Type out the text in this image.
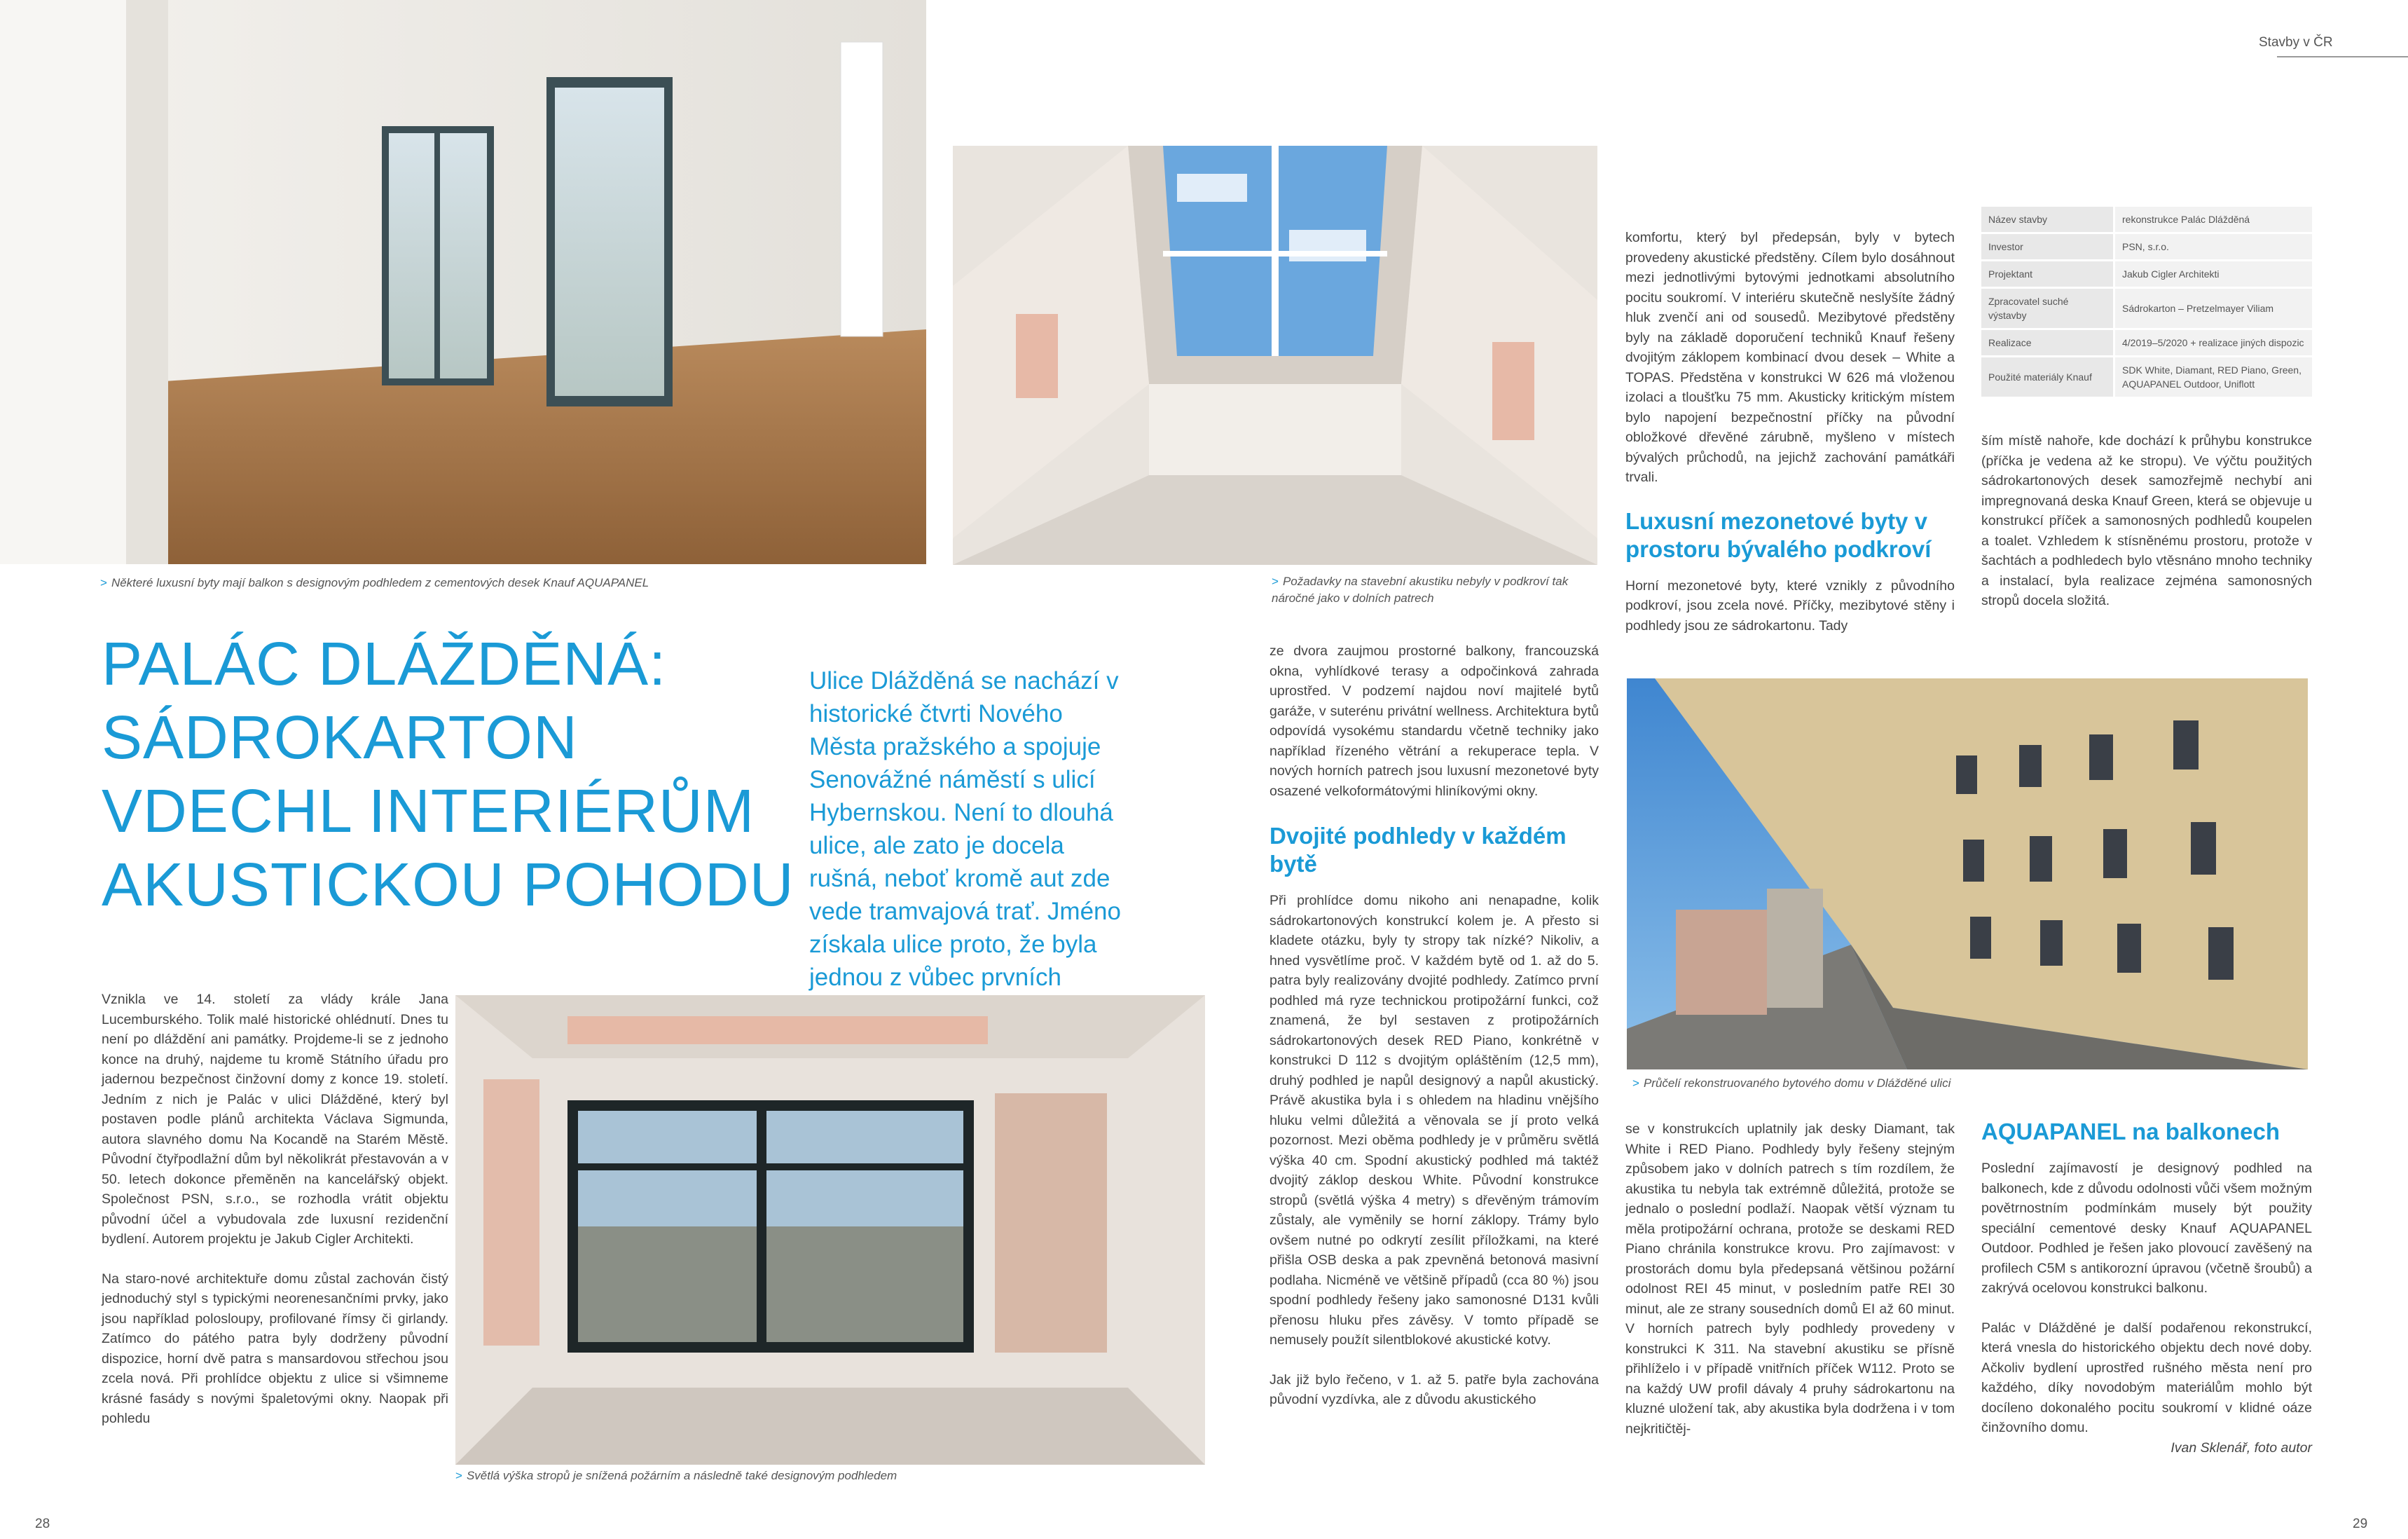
Stavby v ČR
> Některé luxusní byty mají balkon s designovým podhledem z cementových desek Knauf AQUAPANEL	> Požadavky na stavební akustiku nebyly v podkroví tak náročné jako v dolních patrech
PALÁC DLÁŽDĚNÁ:
SÁDROKARTON
VDECHL INTERIÉRŮM
AKUSTICKOU POHODU
Ulice Dlážděná se nachází v historické čtvrti Nového Města pražského a spojuje Senovážné náměstí s ulicí Hybernskou. Není to dlouhá ulice, ale zato je docela rušná, neboť kromě aut zde vede tramvajová trať. Jméno získala ulice proto, že byla jednou z vůbec prvních

Vznikla ve 14. století za vlády krále Jana Lucemburského. Tolik malé historické ohlédnutí. Dnes tu není po dláždění ani památky. Projdeme-li se z jednoho konce na druhý, najdeme tu kromě Státního úřadu pro jadernou bezpečnost činžovní domy z konce 19. století. Jedním z nich je Palác v ulici Dlážděné, který byl postaven podle plánů architekta Václava Sigmunda, autora slavného domu Na Kocandě na Starém Městě. Původní čtyřpodlažní dům byl několikrát přestavován a v 50. letech dokonce přeměněn na kancelářský objekt. Společnost PSN, s.r.o., se rozhodla vrátit objektu původní účel a vybudovala zde luxusní rezidenční bydlení. Autorem projektu je Jakub Cigler Architekti.

Na staro-nové architektuře domu zůstal zachován čistý jednoduchý styl s typickými neorenesančními prvky, jako jsou například polosloupy, profilované římsy či girlandy. Zatímco do pátého patra byly dodrženy původní dispozice, horní dvě patra s mansardovou střechou jsou zcela nová. Při prohlídce objektu z ulice si všimneme krásné fasády s novými špaletovými okny. Naopak při pohledu

> Světlá výška stropů je snížená požárním a následně také designovým podhledem

ze dvora zaujmou prostorné balkony, francouzská okna, vyhlídkové terasy a odpočinková zahrada uprostřed. V podzemí najdou noví majitelé bytů garáže, v suterénu privátní wellness. Architektura bytů odpovídá vysokému standardu včetně techniky jako například řízeného větrání a rekuperace tepla. V nových horních patrech jsou luxusní mezonetové byty osazené velkoformátovými hliníkovými okny.

Dvojité podhledy v každém bytě

Při prohlídce domu nikoho ani nenapadne, kolik sádrokartonových konstrukcí kolem je. A přesto si kladete otázku, byly ty stropy tak nízké? Nikoliv, a hned vysvětlíme proč. V každém bytě od 1. až do 5. patra byly realizovány dvojité podhledy. Zatímco první podhled má ryze technickou protipožární funkci, což znamená, že byl sestaven z protipožárních sádrokartonových desek RED Piano, konkrétně v konstrukci D 112 s dvojitým opláštěním (12,5 mm), druhý podhled je napůl designový a napůl akustický. Právě akustika byla i s ohledem na hladinu vnějšího hluku velmi důležitá a věnovala se jí proto velká pozornost. Mezi oběma podhledy je v průměru světlá výška 40 cm. Spodní akustický podhled má taktéž dvojitý záklop deskou White. Původní konstrukce stropů (světlá výška 4 metry) s dřevěným trámovím zůstaly, ale vyměnily se horní záklopy. Trámy bylo ovšem nutné po odkrytí zesílit příložkami, na které přišla OSB deska a pak zpevněná betonová masivní podlaha. Nicméně ve většině případů (cca 80 %) jsou spodní podhledy řešeny jako samonosné D131 kvůli přenosu hluku přes závěsy. V tomto případě se nemusely použít silentblokové akustické kotvy.

Jak již bylo řečeno, v 1. až 5. patře byla zachována původní vyzdívka, ale z důvodu akustického

komfortu, který byl předepsán, byly v bytech provedeny akustické předstěny. Cílem bylo dosáhnout mezi jednotlivými bytovými jednotkami absolutního pocitu soukromí. V interiéru skutečně neslyšíte žádný hluk zvenčí ani od sousedů. Mezibytové předstěny byly na základě doporučení techniků Knauf řešeny dvojitým záklopem kombinací dvou desek – White a TOPAS. Předstěna v konstrukci W 626 má vloženou izolaci a tloušťku 75 mm. Akusticky kritickým místem bylo napojení bezpečnostní příčky na původní obložkové dřevěné zárubně, myšleno v místech bývalých průchodů, na jejichž zachování památkáři trvali.

Luxusní mezonetové byty v prostoru bývalého podkroví

Horní mezonetové byty, které vznikly z původního podkroví, jsou zcela nové. Příčky, mezibytové stěny i podhledy jsou ze sádrokartonu. Tady

Název stavby	rekonstrukce Palác Dlážděná
Investor	PSN, s.r.o.
Projektant	Jakub Cigler Architekti
Zpracovatel suché výstavby	Sádrokarton – Pretzelmayer Viliam
Realizace	4/2019–5/2020 + realizace jiných dispozic
Použité materiály Knauf	SDK White, Diamant, RED Piano, Green, AQUAPANEL Outdoor, Uniflott

ším místě nahoře, kde dochází k průhybu konstrukce (příčka je vedena až ke stropu). Ve výčtu použitých sádrokartonových desek samozřejmě nechybí ani impregnovaná deska Knauf Green, která se objevuje u konstrukcí příček a samonosných podhledů koupelen a toalet. Vzhledem k stísněnému prostoru, protože v šachtách a podhledech bylo vtěsnáno mnoho techniky a instalací, byla realizace zejména samonosných stropů docela složitá.

> Průčelí rekonstruovaného bytového domu v Dlážděné ulici

se v konstrukcích uplatnily jak desky Diamant, tak White i RED Piano. Podhledy byly řešeny stejným způsobem jako v dolních patrech s tím rozdílem, že akustika tu nebyla tak extrémně důležitá, protože se jednalo o poslední podlaží. Naopak větší význam tu měla protipožární ochrana, protože se deskami RED Piano chránila konstrukce krovu. Pro zajímavost: v prostorách domu byla předepsaná většinou požární odolnost REI 45 minut, v posledním patře REI 30 minut, ale ze strany sousedních domů EI až 60 minut. V horních patrech byly podhledy provedeny v konstrukci K 311. Na stavební akustiku se přísně přihlíželo i v případě vnitřních příček W112. Proto se na každý UW profil dávaly 4 pruhy sádrokartonu na kluzné uložení tak, aby akustika byla dodržena i v tom nejkritičtěj-

AQUAPANEL na balkonech

Poslední zajímavostí je designový podhled na balkonech, kde z důvodu odolnosti vůči všem možným povětrnostním podmínkám musely být použity speciální cementové desky Knauf AQUAPANEL Outdoor. Podhled je řešen jako plovoucí zavěšený na profilech C5M s antikorozní úpravou (včetně šroubů) a zakrývá ocelovou konstrukci balkonu.

Palác v Dlážděné je další podařenou rekonstrukcí, která vnesla do historického objektu dech nové doby. Ačkoliv bydlení uprostřed rušného města není pro každého, díky novodobým materiálům mohlo být docíleno dokonalého pocitu soukromí v klidné oáze činžovního domu.

Ivan Sklenář, foto autor

28	29
